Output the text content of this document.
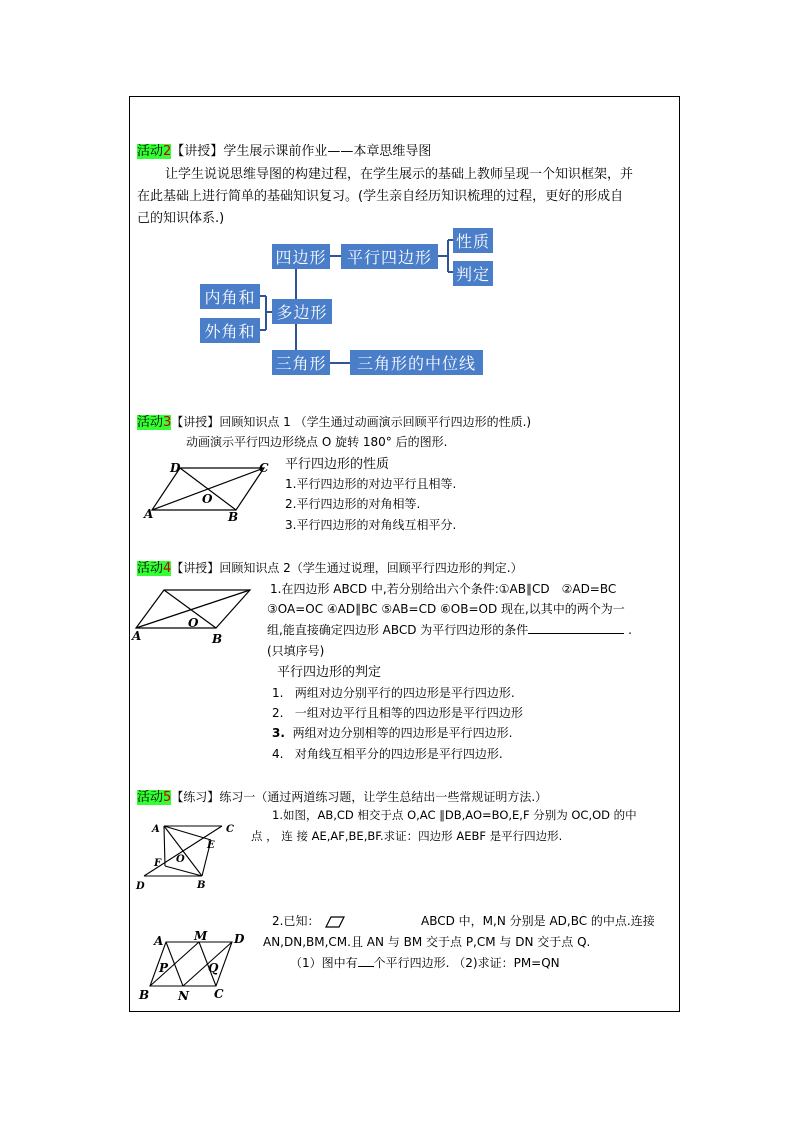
活动2【讲授】学生展示课前作业——本章思维导图
让学生说说思维导图的构建过程，在学生展示的基础上教师呈现一个知识框架，并
在此基础上进行简单的基础知识复习。(学生亲自经历知识梳理的过程，更好的形成自
己的知识体系.)
四边形	平行四边形
性质
判定
内角和
外角和
多边形
三角形	三角形的中位线
活动3【讲授】回顾知识点 1 （学生通过动画演示回顾平行四边形的性质.)
动画演示平行四边形绕点 O 旋转 180° 后的图形.
D	C
O
A	B
平行四边形的性质
1.平行四边形的对边平行且相等.
2.平行四边形的对角相等.
3.平行四边形的对角线互相平分.
活动4【讲授】回顾知识点 2（学生通过说理，回顾平行四边形的判定.）
O
A	B
1.在四边形 ABCD 中,若分别给出六个条件:①AB∥CD　②AD=BC
③OA=OC ④AD∥BC ⑤AB=CD ⑥OB=OD 现在,以其中的两个为一
组,能直接确定四边形 ABCD 为平行四边形的条件	.
(只填序号)
平行四边形的判定
1. 两组对边分别平行的四边形是平行四边形.
2. 一组对边平行且相等的四边形是平行四边形
3. 两组对边分别相等的四边形是平行四边形.
4. 对角线互相平分的四边形是平行四边形.
活动5【练习】练习一（通过两道练习题，让学生总结出一些常规证明方法.）
A	C
E
O
F
D	B
1.如图，AB,CD 相交于点 O,AC ∥DB,AO=BO,E,F 分别为 OC,OD 的中
点 ， 连 接 AE,AF,BE,BF.求证：四边形 AEBF 是平行四边形.
A	M D
P	Q
B N C
2.已知：	ABCD 中，M,N 分别是 AD,BC 的中点.连接
AN,DN,BM,CM.且 AN 与 BM 交于点 P,CM 与 DN 交于点 Q.
（1）图中有 个平行四边形. （2)求证：PM=QN
